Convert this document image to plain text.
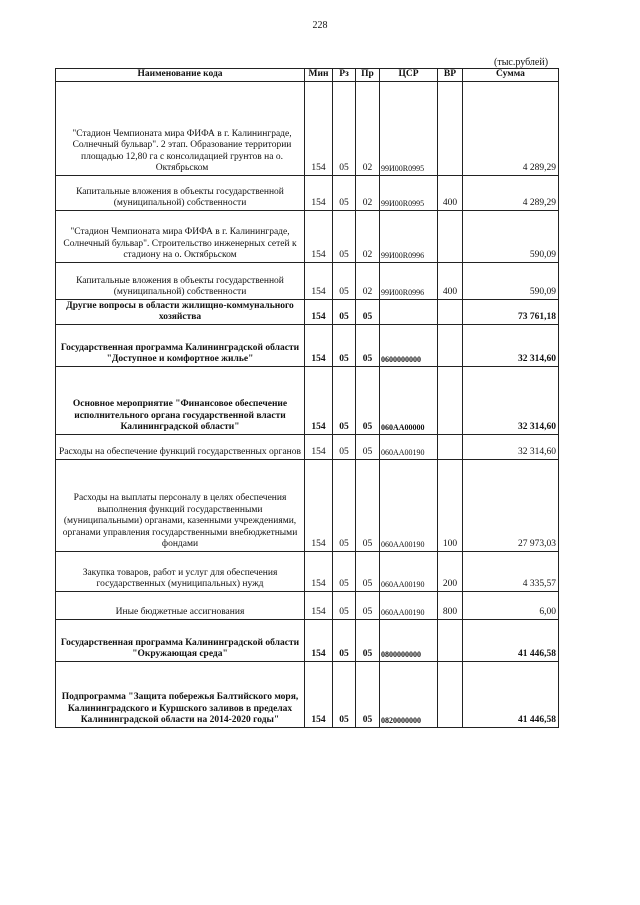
228
(тыс.рублей)
Наименование кода	Мин	Рз	Пр	ЦСР	ВР	Сумма
"Стадион Чемпионата мира ФИФА в г. Калининграде, Солнечный бульвар". 2 этап. Образование территории площадью 12,80 га с консолидацией грунтов на о. Октябрьском	154	05	02	99И00R0995		4 289,29
Капитальные вложения в объекты государственной (муниципальной) собственности	154	05	02	99И00R0995	400	4 289,29
"Стадион Чемпионата мира ФИФА в г. Калининграде, Солнечный бульвар". Строительство инженерных сетей к стадиону на о. Октябрьском	154	05	02	99И00R0996		590,09
Капитальные вложения в объекты государственной (муниципальной) собственности	154	05	02	99И00R0996	400	590,09
Другие вопросы в области жилищно-коммунального хозяйства	154	05	05			73 761,18
Государственная программа Калининградской области "Доступное и комфортное жилье"	154	05	05	0600000000		32 314,60
Основное мероприятие "Финансовое обеспечение исполнительного органа государственной власти Калининградской области"	154	05	05	060АА00000		32 314,60
Расходы на обеспечение функций государственных органов	154	05	05	060АА00190		32 314,60
Расходы на выплаты персоналу в целях обеспечения выполнения функций государственными (муниципальными) органами, казенными учреждениями, органами управления государственными внебюджетными фондами	154	05	05	060АА00190	100	27 973,03
Закупка товаров, работ и услуг для обеспечения государственных (муниципальных) нужд	154	05	05	060АА00190	200	4 335,57
Иные бюджетные ассигнования	154	05	05	060АА00190	800	6,00
Государственная программа Калининградской области "Окружающая среда"	154	05	05	0800000000		41 446,58
Подпрограмма "Защита побережья Балтийского моря, Калининградского и Куршского заливов в пределах Калининградской области на 2014-2020 годы"	154	05	05	0820000000		41 446,58
